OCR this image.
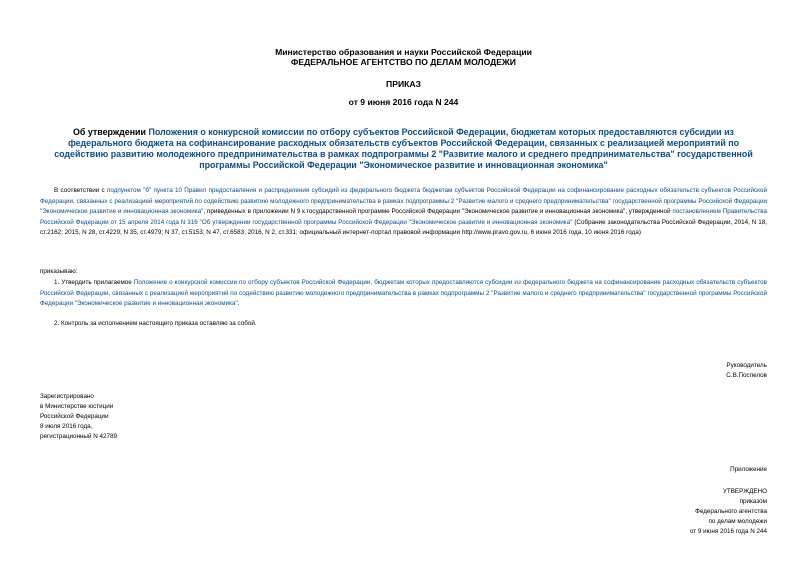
Министерство образования и науки Российской Федерации
ФЕДЕРАЛЬНОЕ АГЕНТСТВО ПО ДЕЛАМ МОЛОДЕЖИ
ПРИКАЗ
от 9 июня 2016 года N 244
Об утверждении Положения о конкурсной комиссии по отбору субъектов Российской Федерации, бюджетам которых предоставляются субсидии из федерального бюджета на софинансирование расходных обязательств субъектов Российской Федерации, связанных с реализацией мероприятий по содействию развитию молодежного предпринимательства в рамках подпрограммы 2 "Развитие малого и среднего предпринимательства" государственной программы Российской Федерации "Экономическое развитие и инновационная экономика"
В соответствии с подпунктом "б" пункта 10 Правил предоставления и распределения субсидий из федерального бюджета бюджетам субъектов Российской Федерации на софинансирование расходных обязательств субъектов Российской Федерации, связанных с реализацией мероприятий по содействию развитию молодежного предпринимательства в рамках подпрограммы 2 "Развитие малого и среднего предпринимательства" государственной программы Российской Федерации "Экономическое развитие и инновационная экономика", приведенных в приложении N 9 к государственной программе Российской Федерации "Экономическое развитие и инновационная экономика", утвержденной постановлением Правительства Российской Федерации от 15 апреля 2014 года N 316 "Об утверждении государственной программы Российской Федерации "Экономическое развитие и инновационная экономика" (Собрание законодательства Российской Федерации, 2014, N 18, ст.2162; 2015, N 28, ст.4229; N 35, ст.4979; N 37, ст.5153; N 47, ст.6583; 2016, N 2, ст.331; официальный интернет-портал правовой информации http://www.pravo.gov.ru, 6 июня 2016 года, 10 июня 2016 года)
приказываю:
1. Утвердить прилагаемое Положение о конкурсной комиссии по отбору субъектов Российской Федерации, бюджетам которых предоставляются субсидии из федерального бюджета на софинансирование расходных обязательств субъектов Российской Федерации, связанных с реализацией мероприятий по содействию развитию молодежного предпринимательства в рамках подпрограммы 2 "Развитие малого и среднего предпринимательства" государственной программы Российской Федерации "Экономическое развитие и инновационная экономика".
2. Контроль за исполнением настоящего приказа оставляю за собой.
Руководитель
С.В.Поспелов
Зарегистрировано
в Министерстве юстиции
Российской Федерации
8 июля 2016 года,
регистрационный N 42789
Приложение
УТВЕРЖДЕНО
приказом
Федерального агентства
по делам молодежи
от 9 июня 2016 года N 244
